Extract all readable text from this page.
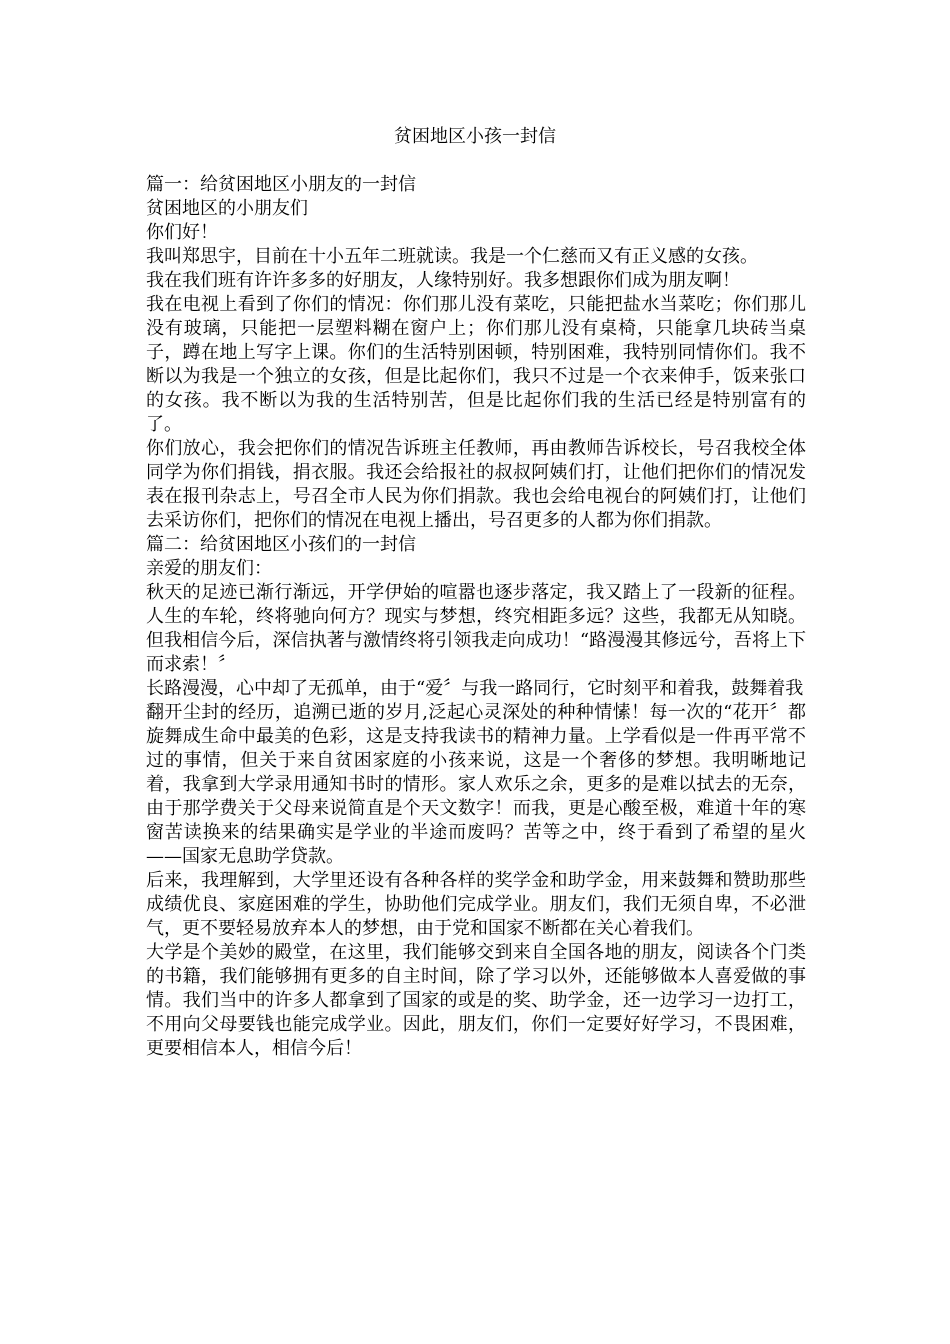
贫困地区小孩一封信

篇一：给贫困地区小朋友的一封信

贫困地区的小朋友们

你们好！

我叫郑思宇，目前在十小五年二班就读。我是一个仁慈而又有正义感的女孩。

我在我们班有许许多多的好朋友，人缘特别好。我多想跟你们成为朋友啊！

我在电视上看到了你们的情况：你们那儿没有菜吃，只能把盐水当菜吃；你们那儿没有玻璃，只能把一层塑料糊在窗户上；你们那儿没有桌椅，只能拿几块砖当桌子，蹲在地上写字上课。你们的生活特别困顿，特别困难，我特别同情你们。我不断以为我是一个独立的女孩，但是比起你们，我只不过是一个衣来伸手，饭来张口的女孩。我不断以为我的生活特别苦，但是比起你们我的生活已经是特别富有的了。

你们放心，我会把你们的情况告诉班主任教师，再由教师告诉校长，号召我校全体同学为你们捐钱，捐衣服。我还会给报社的叔叔阿姨们打，让他们把你们的情况发表在报刊杂志上，号召全市人民为你们捐款。我也会给电视台的阿姨们打，让他们去采访你们，把你们的情况在电视上播出，号召更多的人都为你们捐款。

篇二：给贫困地区小孩们的一封信

亲爱的朋友们：

秋天的足迹已渐行渐远，开学伊始的喧嚣也逐步落定，我又踏上了一段新的征程。人生的车轮，终将驰向何方？现实与梦想，终究相距多远？这些，我都无从知晓。但我相信今后，深信执著与激情终将引领我走向成功！“路漫漫其修远兮，吾将上下而求索！〞

长路漫漫，心中却了无孤单，由于“爱〞与我一路同行，它时刻平和着我，鼓舞着我

翻开尘封的经历，追溯已逝的岁月,泛起心灵深处的种种情愫！每一次的“花开〞都旋舞成生命中最美的色彩，这是支持我读书的精神力量。上学看似是一件再平常不过的事情，但关于来自贫困家庭的小孩来说，这是一个奢侈的梦想。我明晰地记着，我拿到大学录用通知书时的情形。家人欢乐之余，更多的是难以拭去的无奈，由于那学费关于父母来说简直是个天文数字！而我，更是心酸至极，难道十年的寒窗苦读换来的结果确实是学业的半途而废吗？苦等之中，终于看到了希望的星火——国家无息助学贷款。

后来，我理解到，大学里还设有各种各样的奖学金和助学金，用来鼓舞和赞助那些成绩优良、家庭困难的学生，协助他们完成学业。朋友们，我们无须自卑，不必泄气，更不要轻易放弃本人的梦想，由于党和国家不断都在关心着我们。

大学是个美妙的殿堂，在这里，我们能够交到来自全国各地的朋友，阅读各个门类的书籍，我们能够拥有更多的自主时间，除了学习以外，还能够做本人喜爱做的事情。我们当中的许多人都拿到了国家的或是的奖、助学金，还一边学习一边打工，不用向父母要钱也能完成学业。因此，朋友们，你们一定要好好学习，不畏困难，更要相信本人，相信今后！
